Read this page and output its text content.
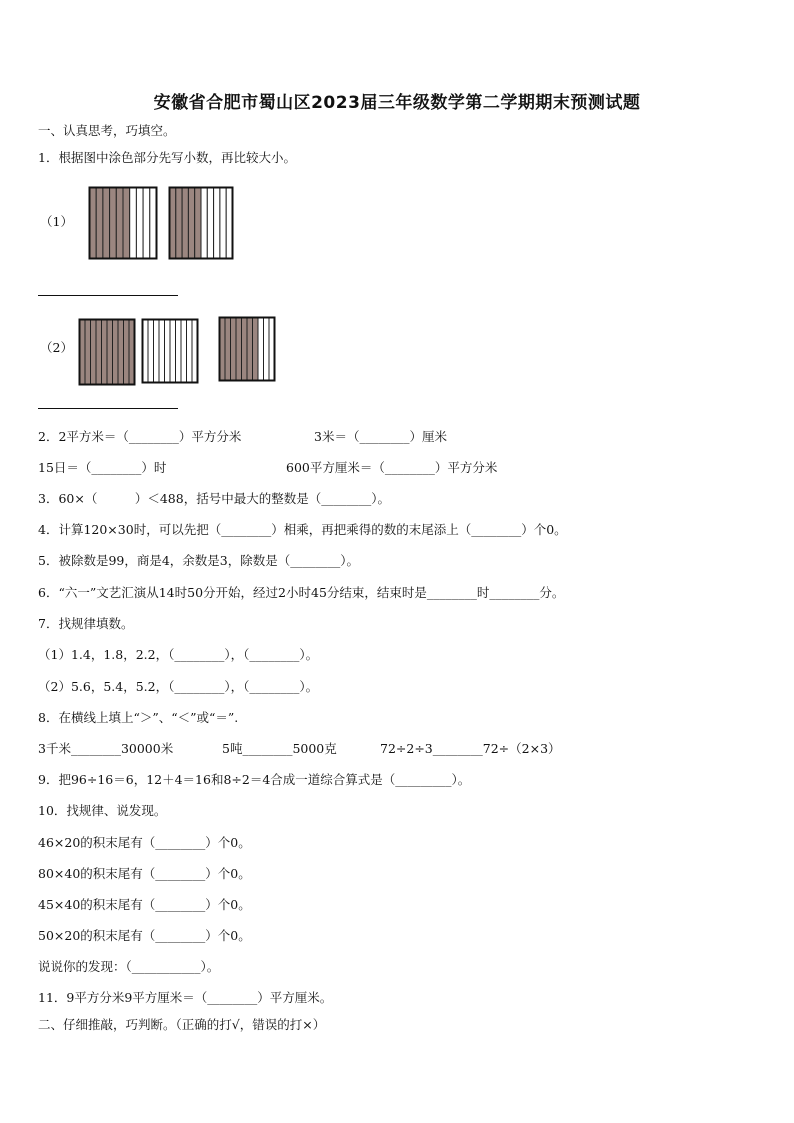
安徽省合肥市蜀山区2023届三年级数学第二学期期末预测试题
一、认真思考，巧填空。
1．根据图中涂色部分先写小数，再比较大小。
（1）
（2）
2．2平方米＝（________）平方分米	3米＝（________）厘米
15日＝（________）时	600平方厘米＝（________）平方分米
3．60×（　　　）＜488，括号中最大的整数是（________）。
4．计算120×30时，可以先把（________）相乘，再把乘得的数的末尾添上（________）个0。
5．被除数是99，商是4，余数是3，除数是（________）。
6．“六一”文艺汇演从14时50分开始，经过2小时45分结束，结束时是________时________分。
7．找规律填数。
（1）1.4，1.8，2.2，（________），（________）。
（2）5.6，5.4，5.2，（________），（________）。
8．在横线上填上“＞”、“＜”或“＝”.
3千米________30000米	5吨________5000克	72÷2÷3________72÷（2×3）
9．把96÷16＝6，12＋4＝16和8÷2＝4合成一道综合算式是（_________）。
10．找规律、说发现。
46×20的积末尾有（________）个0。
80×40的积末尾有（________）个0。
45×40的积末尾有（________）个0。
50×20的积末尾有（________）个0。
说说你的发现：（___________）。
11．9平方分米9平方厘米＝（________）平方厘米。
二、仔细推敲，巧判断。（正确的打√，错误的打×）
